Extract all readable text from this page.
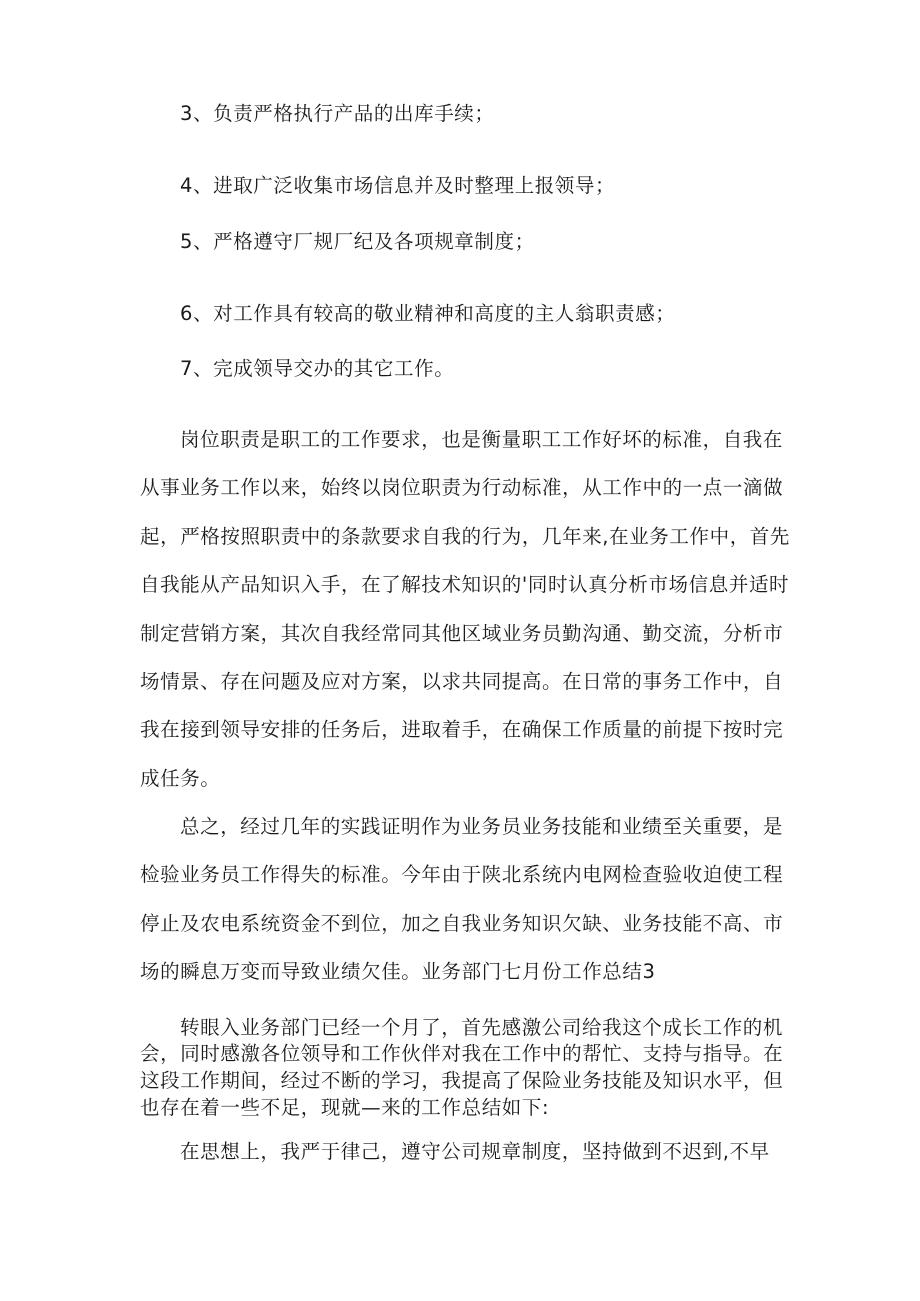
3、负责严格执行产品的出库手续；

4、进取广泛收集市场信息并及时整理上报领导；

5、严格遵守厂规厂纪及各项规章制度；

6、对工作具有较高的敬业精神和高度的主人翁职责感；

7、完成领导交办的其它工作。

岗位职责是职工的工作要求，也是衡量职工工作好坏的标准，自我在

从事业务工作以来，始终以岗位职责为行动标准，从工作中的一点一滴做

起，严格按照职责中的条款要求自我的行为，几年来,在业务工作中，首先

自我能从产品知识入手，在了解技术知识的'同时认真分析市场信息并适时

制定营销方案，其次自我经常同其他区域业务员勤沟通、勤交流，分析市

场情景、存在问题及应对方案，以求共同提高。在日常的事务工作中，自

我在接到领导安排的任务后，进取着手，在确保工作质量的前提下按时完

成任务。

总之，经过几年的实践证明作为业务员业务技能和业绩至关重要，是

检验业务员工作得失的标准。今年由于陕北系统内电网检查验收迫使工程

停止及农电系统资金不到位，加之自我业务知识欠缺、业务技能不高、市

场的瞬息万变而导致业绩欠佳。业务部门七月份工作总结3

转眼入业务部门已经一个月了，首先感激公司给我这个成长工作的机

会，同时感激各位领导和工作伙伴对我在工作中的帮忙、支持与指导。在

这段工作期间，经过不断的学习，我提高了保险业务技能及知识水平，但

也存在着一些不足，现就—来的工作总结如下:

在思想上，我严于律己，遵守公司规章制度，坚持做到不迟到,不早
